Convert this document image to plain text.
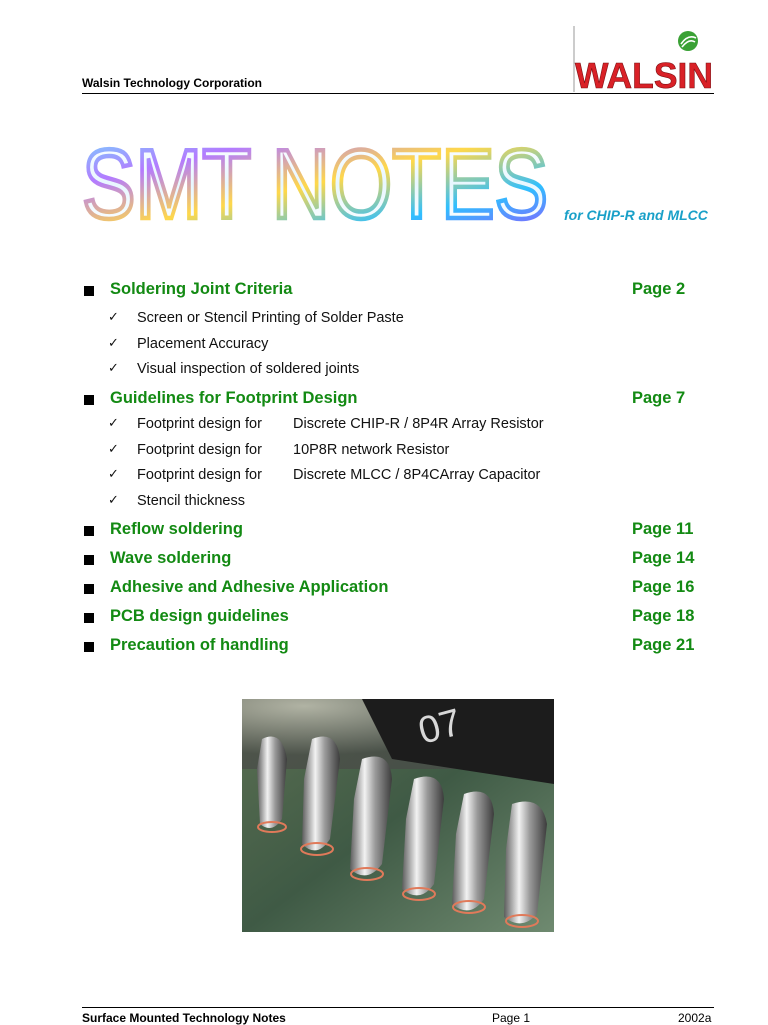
Walsin Technology Corporation	WALSIN
SMT NOTES for CHIP-R and MLCC
Soldering Joint Criteria	Page 2
✓ Screen or Stencil Printing of Solder Paste
✓ Placement Accuracy
✓ Visual inspection of soldered joints
Guidelines for Footprint Design	Page 7
✓ Footprint design for Discrete CHIP-R / 8P4R Array Resistor
✓ Footprint design for 10P8R network Resistor
✓ Footprint design for Discrete MLCC / 8P4CArray Capacitor
✓ Stencil thickness
Reflow soldering	Page 11
Wave soldering	Page 14
Adhesive and Adhesive Application	Page 16
PCB design guidelines	Page 18
Precaution of handling	Page 21
07
Surface Mounted Technology Notes	Page 1	2002a
